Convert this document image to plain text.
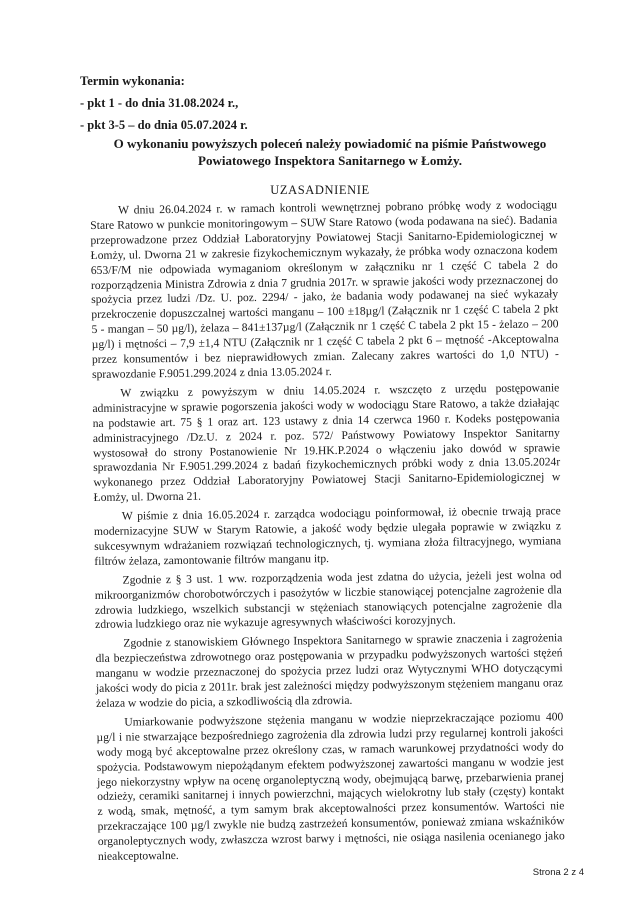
Termin wykonania:

- pkt 1 - do dnia 31.08.2024 r.,

- pkt 3-5 – do dnia 05.07.2024 r.

O wykonaniu powyższych poleceń należy powiadomić na piśmie Państwowego Powiatowego Inspektora Sanitarnego w Łomży.
UZASADNIENIE

W dniu 26.04.2024 r. w ramach kontroli wewnętrznej pobrano próbkę wody z wodociągu Stare Ratowo w punkcie monitoringowym – SUW Stare Ratowo (woda podawana na sieć). Badania przeprowadzone przez Oddział Laboratoryjny Powiatowej Stacji Sanitarno-Epidemiologicznej w Łomży, ul. Dworna 21 w zakresie fizykochemicznym wykazały, że próbka wody oznaczona kodem 653/F/M nie odpowiada wymaganiom określonym w załączniku nr 1 część C tabela 2 do rozporządzenia Ministra Zdrowia z dnia 7 grudnia 2017r. w sprawie jakości wody przeznaczonej do spożycia przez ludzi /Dz. U. poz. 2294/ - jako, że badania wody podawanej na sieć wykazały przekroczenie dopuszczalnej wartości manganu – 100 ±18µg/l (Załącznik nr 1 część C tabela 2 pkt 5 - mangan – 50 µg/l), żelaza – 841±137µg/l (Załącznik nr 1 część C tabela 2 pkt 15 - żelazo – 200 µg/l) i mętności – 7,9 ±1,4 NTU (Załącznik nr 1 część C tabela 2 pkt 6 – mętność -Akceptowalna przez konsumentów i bez nieprawidłowych zmian. Zalecany zakres wartości do 1,0 NTU) - sprawozdanie F.9051.299.2024 z dnia 13.05.2024 r.

W związku z powyższym w dniu 14.05.2024 r. wszczęto z urzędu postępowanie administracyjne w sprawie pogorszenia jakości wody w wodociągu Stare Ratowo, a także działając na podstawie art. 75 § 1 oraz art. 123 ustawy z dnia 14 czerwca 1960 r. Kodeks postępowania administracyjnego /Dz.U. z 2024 r. poz. 572/ Państwowy Powiatowy Inspektor Sanitarny wystosował do strony Postanowienie Nr 19.HK.P.2024 o włączeniu jako dowód w sprawie sprawozdania Nr F.9051.299.2024 z badań fizykochemicznych próbki wody z dnia 13.05.2024r wykonanego przez Oddział Laboratoryjny Powiatowej Stacji Sanitarno-Epidemiologicznej w Łomży, ul. Dworna 21.

W piśmie z dnia 16.05.2024 r. zarządca wodociągu poinformował, iż obecnie trwają prace modernizacyjne SUW w Starym Ratowie, a jakość wody będzie ulegała poprawie w związku z sukcesywnym wdrażaniem rozwiązań technologicznych, tj. wymiana złoża filtracyjnego, wymiana filtrów żelaza, zamontowanie filtrów manganu itp.

Zgodnie z § 3 ust. 1 ww. rozporządzenia woda jest zdatna do użycia, jeżeli jest wolna od mikroorganizmów chorobotwórczych i pasożytów w liczbie stanowiącej potencjalne zagrożenie dla zdrowia ludzkiego, wszelkich substancji w stężeniach stanowiących potencjalne zagrożenie dla zdrowia ludzkiego oraz nie wykazuje agresywnych właściwości korozyjnych.

Zgodnie z stanowiskiem Głównego Inspektora Sanitarnego w sprawie znaczenia i zagrożenia dla bezpieczeństwa zdrowotnego oraz postępowania w przypadku podwyższonych wartości stężeń manganu w wodzie przeznaczonej do spożycia przez ludzi oraz Wytycznymi WHO dotyczącymi jakości wody do picia z 2011r. brak jest zależności między podwyższonym stężeniem manganu oraz żelaza w wodzie do picia, a szkodliwością dla zdrowia.

Umiarkowanie podwyższone stężenia manganu w wodzie nieprzekraczające poziomu 400 µg/l i nie stwarzające bezpośredniego zagrożenia dla zdrowia ludzi przy regularnej kontroli jakości wody mogą być akceptowalne przez określony czas, w ramach warunkowej przydatności wody do spożycia. Podstawowym niepożądanym efektem podwyższonej zawartości manganu w wodzie jest jego niekorzystny wpływ na ocenę organoleptyczną wody, obejmującą barwę, przebarwienia pranej odzieży, ceramiki sanitarnej i innych powierzchni, mających wielokrotny lub stały (częsty) kontakt z wodą, smak, mętność, a tym samym brak akceptowalności przez konsumentów. Wartości nie przekraczające 100 µg/l zwykle nie budzą zastrzeżeń konsumentów, ponieważ zmiana wskaźników organoleptycznych wody, zwłaszcza wzrost barwy i mętności, nie osiąga nasilenia ocenianego jako nieakceptowalne.

Strona 2 z 4
